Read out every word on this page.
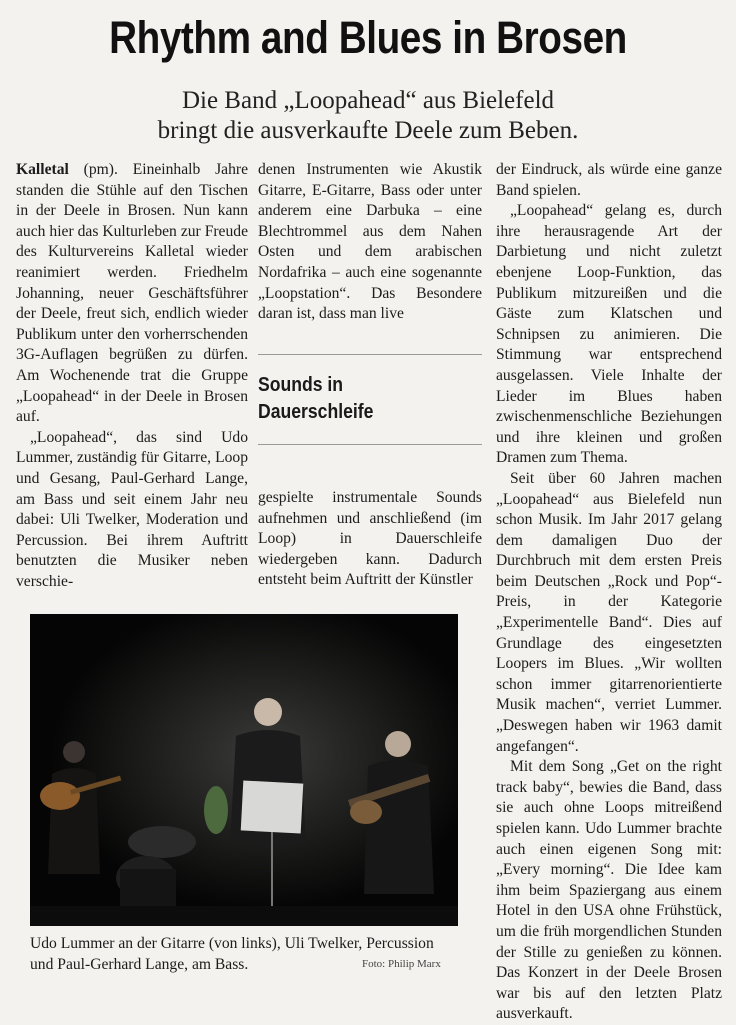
Rhythm and Blues in Brosen
Die Band „Loopahead“ aus Bielefeld
bringt die ausverkaufte Deele zum Beben.

Kalletal (pm). Eineinhalb Jahre standen die Stühle auf den Tischen in der Deele in Brosen. Nun kann auch hier das Kulturleben zur Freude des Kulturvereins Kalletal wieder reanimiert werden. Friedhelm Johanning, neuer Geschäftsführer der Deele, freut sich, endlich wieder Publikum unter den vorherrschenden 3G-Auflagen begrüßen zu dürfen. Am Wochenende trat die Gruppe „Loopahead“ in der Deele in Brosen auf.

„Loopahead“, das sind Udo Lummer, zuständig für Gitarre, Loop und Gesang, Paul-Gerhard Lange, am Bass und seit einem Jahr neu dabei: Uli Twelker, Moderation und Percussion. Bei ihrem Auftritt benutzten die Musiker neben verschie-

denen Instrumenten wie Akustik Gitarre, E-Gitarre, Bass oder unter anderem eine Darbuka – eine Blechtrommel aus dem Nahen Osten und dem arabischen Nordafrika – auch eine sogenannte „Loopstation“. Das Besondere daran ist, dass man live

Sounds in Dauerschleife

gespielte instrumentale Sounds aufnehmen und anschließend (im Loop) in Dauerschleife wiedergeben kann. Dadurch entsteht beim Auftritt der Künstler

der Eindruck, als würde eine ganze Band spielen.

„Loopahead“ gelang es, durch ihre herausragende Art der Darbietung und nicht zuletzt ebenjene Loop-Funktion, das Publikum mitzureißen und die Gäste zum Klatschen und Schnipsen zu animieren. Die Stimmung war entsprechend ausgelassen. Viele Inhalte der Lieder im Blues haben zwischenmenschliche Beziehungen und ihre kleinen und großen Dramen zum Thema.

Seit über 60 Jahren machen „Loopahead“ aus Bielefeld nun schon Musik. Im Jahr 2017 gelang dem damaligen Duo der Durchbruch mit dem ersten Preis beim Deutschen „Rock und Pop“-Preis, in der Kategorie „Experimentelle Band“. Dies auf Grundlage des eingesetzten Loopers im Blues. „Wir wollten schon immer gitarrenorientierte Musik machen“, verriet Lummer. „Deswegen haben wir 1963 damit angefangen“.

Mit dem Song „Get on the right track baby“, bewies die Band, dass sie auch ohne Loops mitreißend spielen kann. Udo Lummer brachte auch einen eigenen Song mit: „Every morning“. Die Idee kam ihm beim Spaziergang aus einem Hotel in den USA ohne Frühstück, um die früh morgendlichen Stunden der Stille zu genießen zu können. Das Konzert in der Deele Brosen war bis auf den letzten Platz ausverkauft.

Udo Lummer an der Gitarre (von links), Uli Twelker, Percussion und Paul-Gerhard Lange, am Bass.	Foto: Philip Marx
